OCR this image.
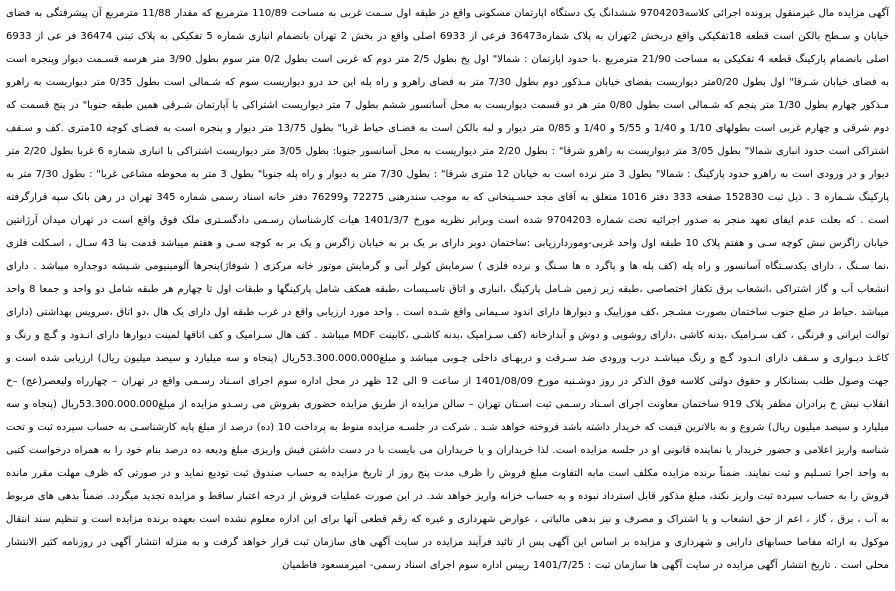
آگهی مزایده مال غیرمنقول پرونده اجرائی کلاسه9704203 ششدانگ یک دستگاه اپارتمان مسکونی واقع در طبقه اول سـمت غربی به مساحت 110/89 مترمربع که مقدار 11/88 مترمربع آن پیشرفتگی به فضای خیابان و سـطح بالکن است قطعه 18تفکیکی واقع دربخش 2تهران به پلاک شماره36473 فرعی از 6933 اصلی واقع در بخش 2 تهران بانضمام انباری شماره 5 تفکیکی به پلاک ثبتی 36474 فر عی از 6933 اصلی بانضمام پارکینگ قطعه 4 تفکیکی به مساحت 21/90 مترمربع .با حدود اپارتمان : شمالا" اول پخ بطول 2/5 متر دوم که غربی است بطول 0/2 متر سوم بطول 3/90 متر هرسه قسـمت دیوار وپنجره است به فضای خیابان شـرقا" اول بطول 0/20متر دیواریست بفضای خیابان مـذکور دوم بطول 7/30 متر به فضای راهرو و راه پله این حد درو دیواریست سوم که شـمالی است بطول 0/35 متر دیواریست به راهرو مـذکور چهارم بطول 1/30 متر پنجم که شـمالی است بطول 0/80 متر هر دو قسمت دیواریست به محل آسانسور ششم بطول 7 متر دیواریست اشتراکی با آپارتمان شـرقی همین طبقه جنوبا" در پنج قسمت که دوم شرقی و چهارم غربی است بطولهای 1/10 و 1/40 و 5/55 و 1/40 و 0/85 متر دیوار و لبه بالکن است به فضـای حیاط غربا" بطول 13/75 متر دیوار و پنجره است به فضـای کوچه 10متری .کف و سـقف اشتراکی است حدود انباری شمالا" بطول 3/05 متر دیواریست به راهرو شرقا" : بطول 2/20 متر دیواریست به محل آسانسور جنوبا: بطول 3/05 متر دیواریست اشتراکی با انباری شماره 6 غربا بطول 2/20 متر دیوار و در ورودی است به راهرو حدود پارکینگ : شمالا" بطول 3 متر نرده است به خیابان 12 متری شرقا" : بطول 7/30 متر به دیوار و راه پله جنوبا" بطول 3 متر به محوطه مشاعی غربا" : بطول 7/30 متر به پارکینگ شـماره 3 . ذیل ثبت 152830 صفحه 333 دفتر 1016 متعلق به آقای مجد حسـینخانی که به موجب سندرهنی 72275 و76299 دفتر خانه اسناد رسمی شماره 345 تهران در رهن بانک سپه قرارگرفته است . که بعلت عدم ایفای تعهد منجر به صدور اجرائیه تحت شماره 9704203 شده است وبرابر نظریه مورخ 1401/3/7 هیات کارشناسان رسـمی دادگسـتری ملک فوق واقع است در تهران میدان آرژانتین خیابان زاگرس نبش کوچه سـی و هفتم پلاک 10 طبقه اول واحد غربی-وموردارزیابی :ساختمان دوبر دارای بر یک بر به خیابان زاگرس و یک بر به کوچه سـی و هفتم میباشد قدمت بنا 43 سـال ، اسـکلت فلزی ،نما سـنگ ، دارای یکدسـتگاه آسانسور و راه پله (کف پله ها و پاگرد ه ها سـنگ و نرده فلزی ) سرمایش کولر آبی و گرمایش موتور خانه مرکزی ( شوفاژ)پنجرها آلومینیومی شـیشه دوجداره میباشد . دارای انشعاب آب و گاز اشتراکی ،انشعاب برق تکفاز اختصاصی ،طبقه زیر زمین شـامل پارکینگ ،انباری و اتاق تاسـیسات ،طبقه همکف شامل پارکینگها و طبقات اول تا چهارم هر طبقه شامل دو واحد و جمعا 8 واحد میباشد .حیاط در ضلع جنوب ساختمان بصورت مشـجر ،کف موزاییک و دیوارها دارای اندود سـیمانی واقع شـده است . واحد مورد ارزیابی واقع در غرب طبقه اول دارای یک هال ،دو اتاق ،سرویس بهداشتی (دارای توالت ایرانی و فرنگی ، کف سـرامیک ،بدنه کاشی ،دارای روشویی و دوش و آبدارخانه (کف سـرامیک ،بدنه کاشـی ،کابینت MDF میباشد . کف هال سـرامیک و کف اتاقها لمینت دیوارها دارای انـدود و گـچ و رنگ و کاغـذ دیـواری و سـقف دارای انـدود گـچ و رنگ میباشـد درب ورودی ضد سـرقت و دربهـای داخلی چـوبی میباشد و مبلغ53.300.000.000ریال (پنجاه و سه میلیارد و سیصد میلیون ریال) ارزیابی شده است و جهت وصول طلب بستانکار و حقوق دولتی کلاسه فوق الذکر در روز دوشـنبه مورخ 1401/08/09 از ساعت 9 الی 12 ظهر در محل اداره سوم اجرای اسـناد رسـمی واقع در تهران – چهارراه ولیعصر(عج) –خ انقلاب نبش خ برادران مظفر پلاک 919 ساختمان معاونت اجرای اسـناد رسـمی ثبت اسـتان تهران – سالن مزایده از طریق مزایده حضوری بفروش می رسـدو مزایده از مبلغ53.300.000.000ریال (پنجاه و سه میلیارد و سیصد میلیون ریال) شروع و به بالاترین قیمت که خریدار داشته باشد فروخته خواهد شـد . شرکت در جلسـه مزایده منوط به پرداخت 10 (ده) درصد از مبلغ پایه کارشناسـی به حساب سپرده ثبت و تحت شناسه واریز اعلامی و حضور خریدار یا نماینده قانونی او در جلسه مزایده است. لذا خریداران و یا خریداران می بایست با در دست داشتن فیش واریزی مبلغ ودیعه ده درصد بنام خود را به همراه درخواست کتبی به واحد اجرا تسـلیم و ثبت نمایند. ضمناً برنده مزایده مکلف است مابه التفاوت مبلغ فروش را ظرف مدت پنج روز از تاریخ مزایده به حساب صندوق ثبت تودیع نماید و در صورتی که ظرف مهلت مقرر مانده فروش را به حساب سپرده ثبت واریز نکند، مبلغ مذکور قابل استرداد نبوده و به حساب خزانه واریز خواهد شد. در این صورت عملیات فروش از درجه اعتبار ساقط و مزایده تجدید میگردد. ضمناً بدهی های مربوط به آب ، برق ، گاز ، اعم از حق انشعاب و یا اشتراک و مصرف و نیز بدهی مالیاتی ، عوارض شهرداری و غیره که رقم قطعی آنها برای این اداره معلوم نشده است بعهده برنده مزایده است و تنظیم سند انتقال موکول به ارائه مفاصا حسابهای دارایی و شهرداری و مزایده بر اساس این آگهی پس از تائید فرآیند مزایده در سایت آگهی های سازمان ثبت قرار خواهد گرفت و به منزله انتشار آگهی در روزنامه کثیر الانتشار محلی است . تاریخ انتشار آگهی مزایده در سایت آگهی ها سازمان ثبت : 1401/7/25 رییس اداره سوم اجرای اسناد رسمی- امیرمسعود فاطمیان
